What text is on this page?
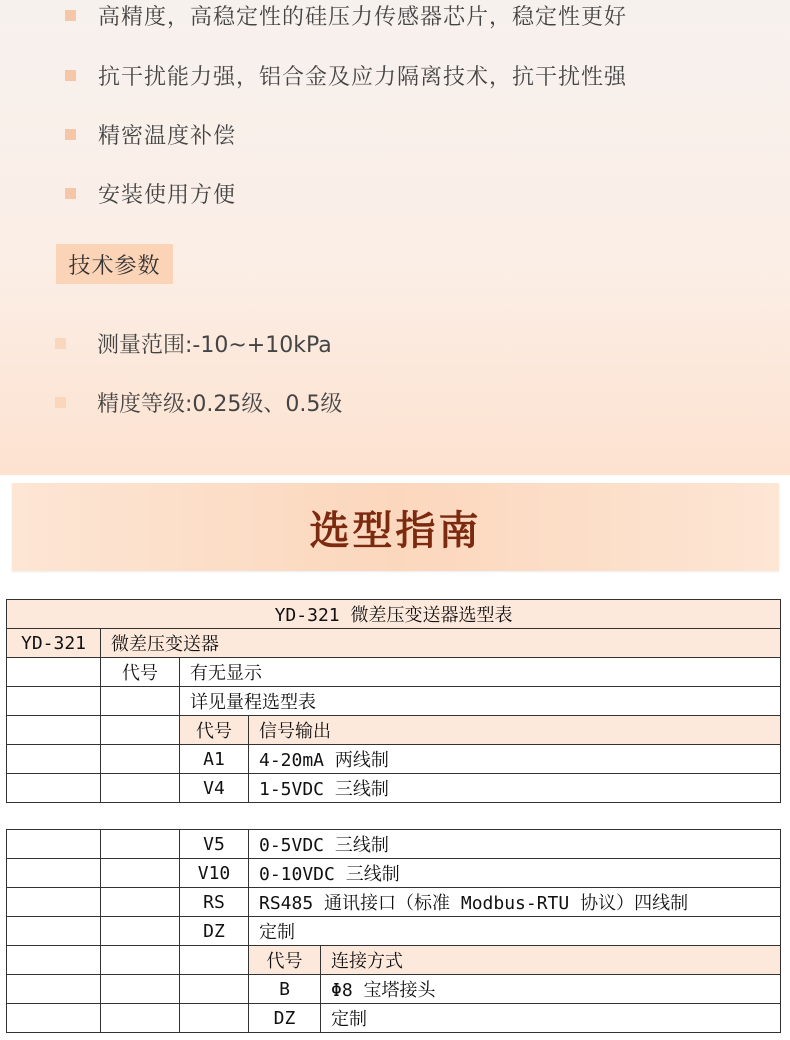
高精度，高稳定性的硅压力传感器芯片，稳定性更好
抗干扰能力强，铝合金及应力隔离技术，抗干扰性强
精密温度补偿
安装使用方便
技术参数
测量范围:-10~+10kPa
精度等级:0.25级、0.5级
选型指南
YD-321 微差压变送器选型表			
YD-321	微差压变送器		
	代号	有无显示	
		详见量程选型表	
		代号	信号输出
		A1	4-20mA 两线制
		V4	1-5VDC 三线制
		V5	0-5VDC 三线制	
		V10	0-10VDC 三线制	
		RS	RS485 通讯接口（标准 Modbus-RTU 协议）四线制	
		DZ	定制	
			代号	连接方式
			B	Φ8 宝塔接头
			DZ	定制
